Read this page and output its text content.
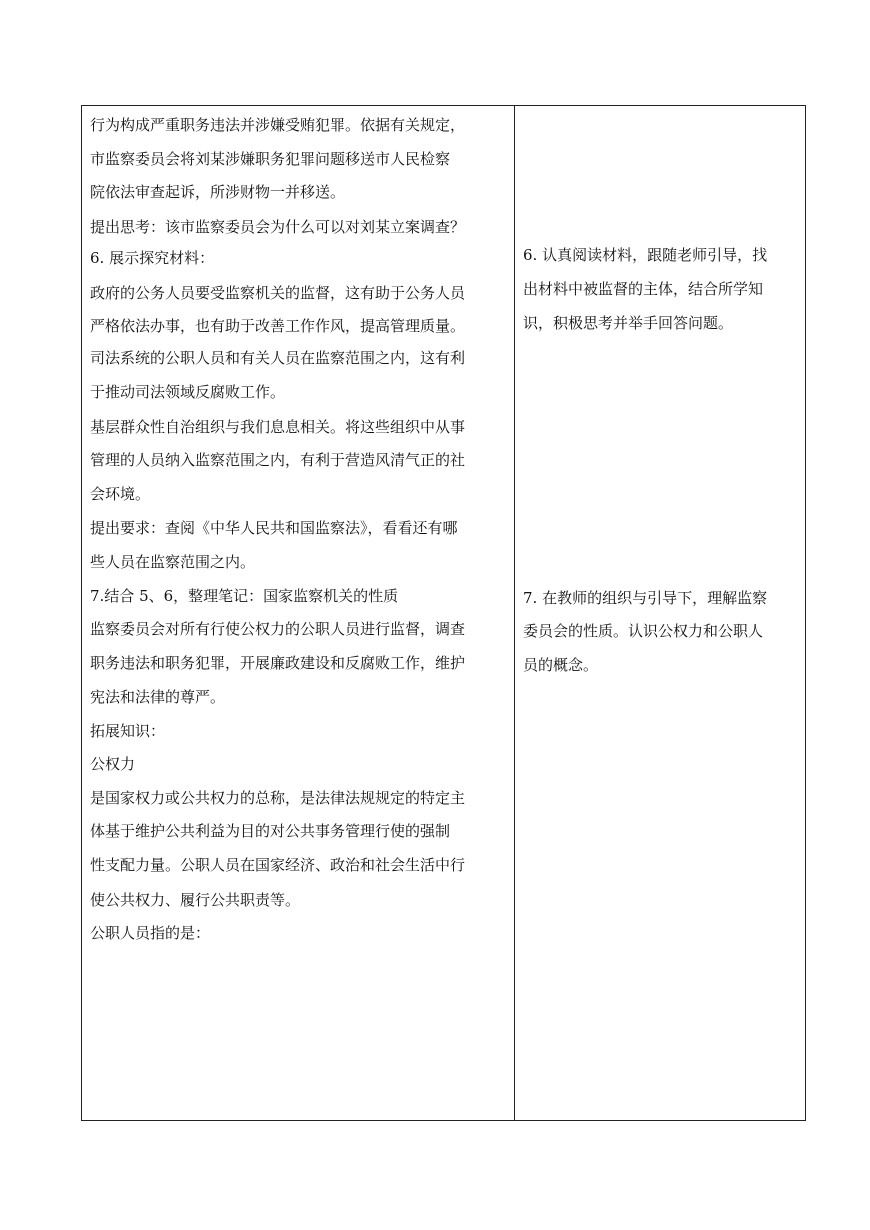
行为构成严重职务违法并涉嫌受贿犯罪。依据有关规定，
市监察委员会将刘某涉嫌职务犯罪问题移送市人民检察
院依法审查起诉，所涉财物一并移送。
提出思考：该市监察委员会为什么可以对刘某立案调查？
6. 展示探究材料：
政府的公务人员要受监察机关的监督，这有助于公务人员
严格依法办事，也有助于改善工作作风，提高管理质量。
司法系统的公职人员和有关人员在监察范围之内，这有利
于推动司法领域反腐败工作。
基层群众性自治组织与我们息息相关。将这些组织中从事
管理的人员纳入监察范围之内，有利于营造风清气正的社
会环境。
提出要求：查阅《中华人民共和国监察法》，看看还有哪
些人员在监察范围之内。
7.结合 5、6，整理笔记：国家监察机关的性质
监察委员会对所有行使公权力的公职人员进行监督，调查
职务违法和职务犯罪，开展廉政建设和反腐败工作，维护
宪法和法律的尊严。
拓展知识：
公权力
是国家权力或公共权力的总称，是法律法规规定的特定主
体基于维护公共利益为目的对公共事务管理行使的强制
性支配力量。公职人员在国家经济、政治和社会生活中行
使公共权力、履行公共职责等。
公职人员指的是：
6. 认真阅读材料，跟随老师引导，找
出材料中被监督的主体，结合所学知
识，积极思考并举手回答问题。
7. 在教师的组织与引导下，理解监察
委员会的性质。认识公权力和公职人
员的概念。
